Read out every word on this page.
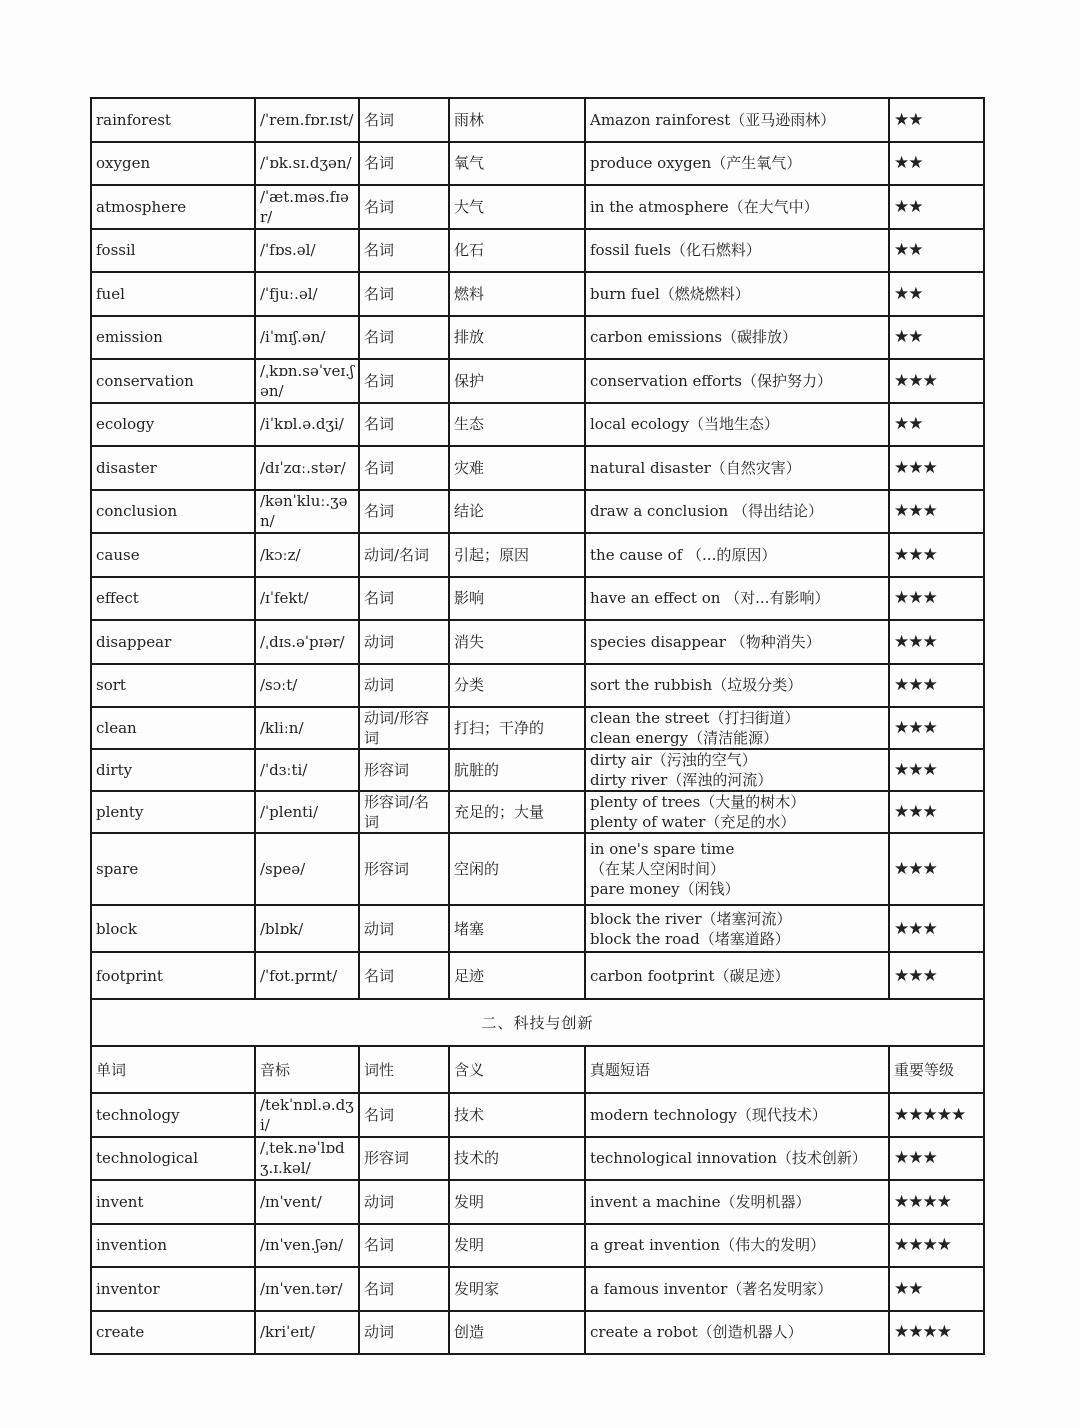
rainforest	/ˈreɪn.fɒr.ɪst/	名词	雨林	Amazon rainforest（亚马逊雨林）	★★
oxygen	/ˈɒk.sɪ.dʒən/	名词	氧气	produce oxygen（产生氧气）	★★
atmosphere	/ˈæt.məs.fɪər/	名词	大气	in the atmosphere（在大气中）	★★
fossil	/ˈfɒs.əl/	名词	化石	fossil fuels（化石燃料）	★★
fuel	/ˈfjuː.əl/	名词	燃料	burn fuel（燃烧燃料）	★★
emission	/iˈmɪʃ.ən/	名词	排放	carbon emissions（碳排放）	★★
conservation	/ˌkɒn.səˈveɪ.ʃən/	名词	保护	conservation efforts（保护努力）	★★★
ecology	/iˈkɒl.ə.dʒi/	名词	生态	local ecology（当地生态）	★★
disaster	/dɪˈzɑː.stər/	名词	灾难	natural disaster（自然灾害）	★★★
conclusion	/kənˈkluː.ʒən/	名词	结论	draw a conclusion （得出结论）	★★★
cause	/kɔːz/	动词/名词	引起；原因	the cause of （...的原因）	★★★
effect	/ɪˈfekt/	名词	影响	have an effect on （对...有影响）	★★★
disappear	/ˌdɪs.əˈpɪər/	动词	消失	species disappear （物种消失）	★★★
sort	/sɔːt/	动词	分类	sort the rubbish（垃圾分类）	★★★
clean	/kliːn/	动词/形容词	打扫；干净的	clean the street（打扫街道）
clean energy（清洁能源）	★★★
dirty	/ˈdɜːti/	形容词	肮脏的	dirty air（污浊的空气）
dirty river（浑浊的河流）	★★★
plenty	/ˈplenti/	形容词/名词	充足的；大量	plenty of trees（大量的树木）
plenty of water（充足的水）	★★★
spare	/speə/	形容词	空闲的	in one's spare time
（在某人空闲时间）
pare money（闲钱）	★★★
block	/blɒk/	动词	堵塞	block the river（堵塞河流）
block the road（堵塞道路）	★★★
footprint	/ˈfʊt.prɪnt/	名词	足迹	carbon footprint（碳足迹）	★★★
二、科技与创新					
单词	音标	词性	含义	真题短语	重要等级
technology	/tekˈnɒl.ə.dʒi/	名词	技术	modern technology（现代技术）	★★★★★
technological	/ˌtek.nəˈlɒdʒ.ɪ.kəl/	形容词	技术的	technological innovation（技术创新）	★★★
invent	/ɪnˈvent/	动词	发明	invent a machine（发明机器）	★★★★
invention	/ɪnˈven.ʃən/	名词	发明	a great invention（伟大的发明）	★★★★
inventor	/ɪnˈven.tər/	名词	发明家	a famous inventor（著名发明家）	★★
create	/kriˈeɪt/	动词	创造	create a robot（创造机器人）	★★★★
